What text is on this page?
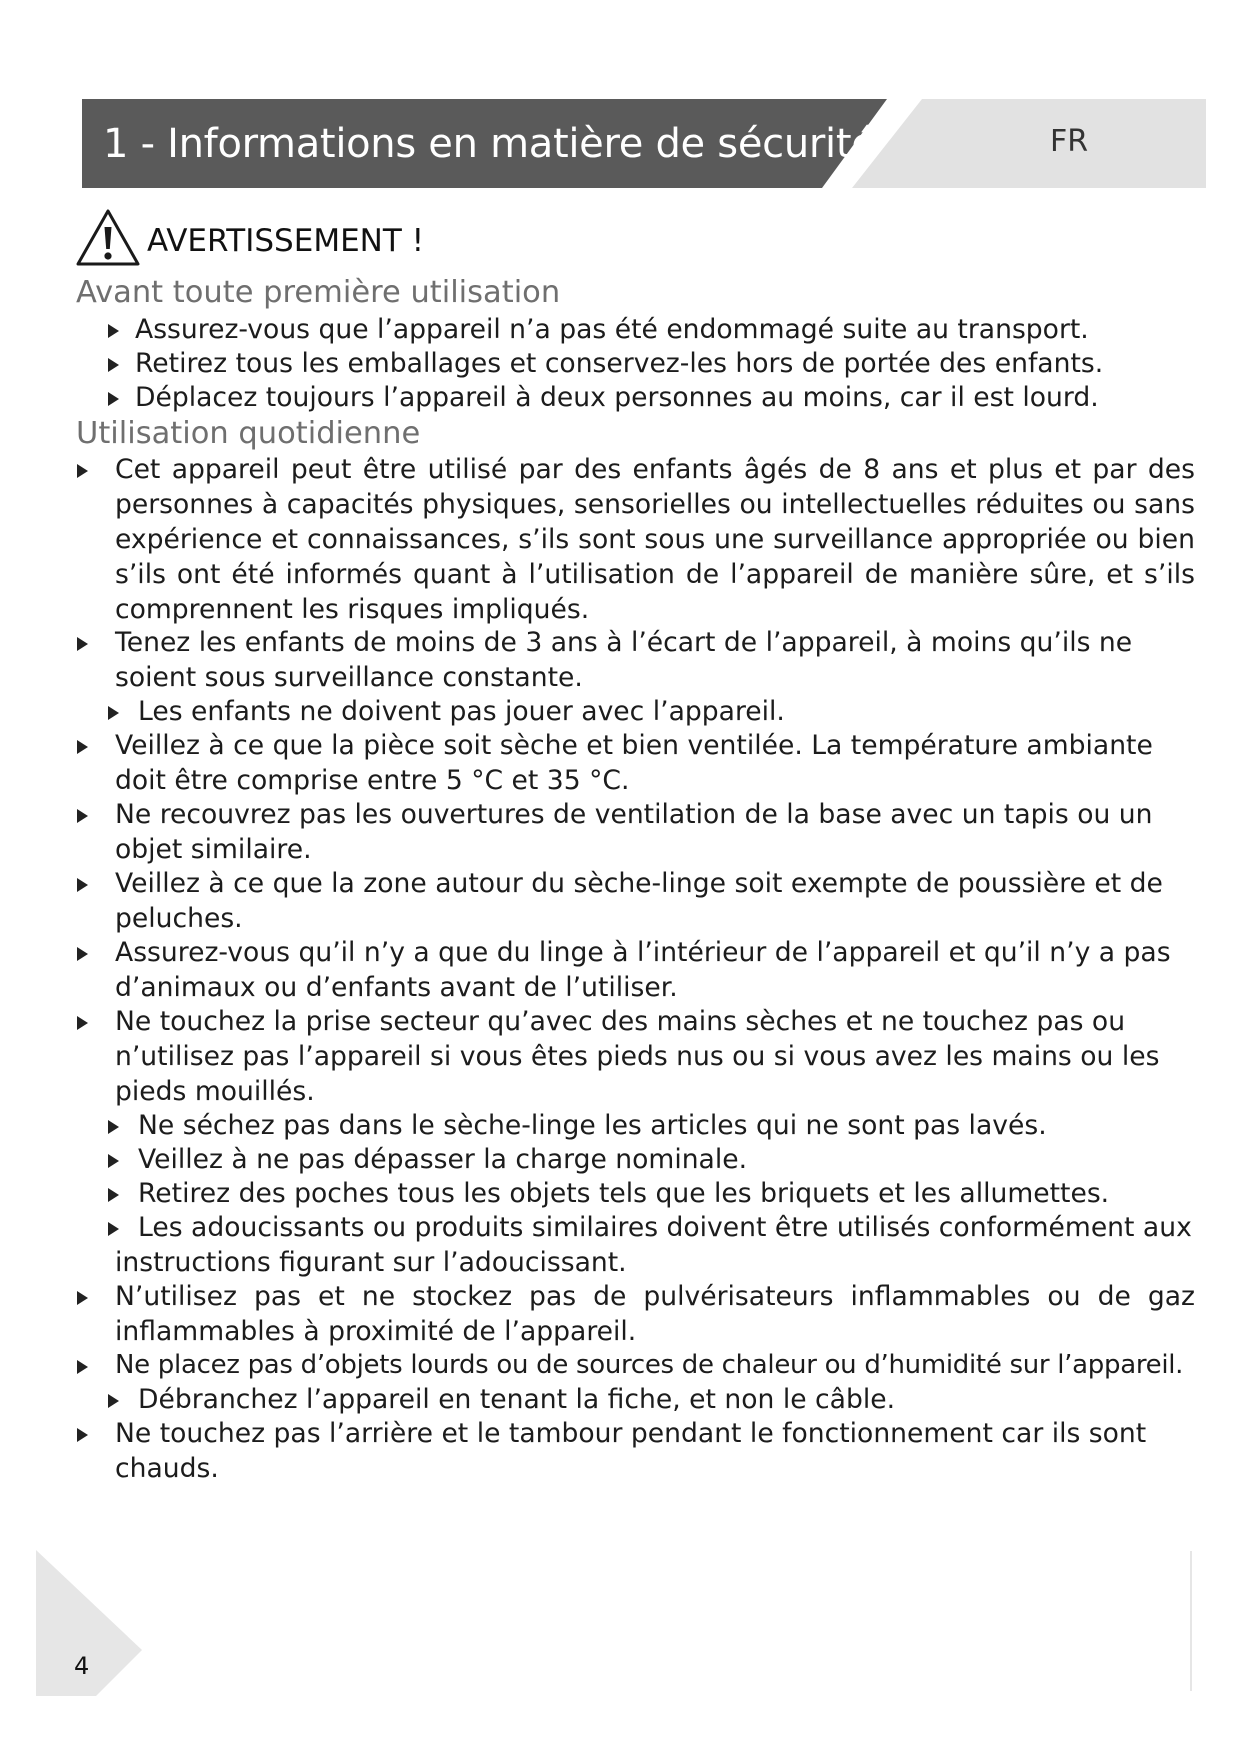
1 - Informations en matière de sécurité	FR
AVERTISSEMENT !
Avant toute première utilisation
Assurez-vous que l’appareil n’a pas été endommagé suite au transport.
Retirez tous les emballages et conservez-les hors de portée des enfants.
Déplacez toujours l’appareil à deux personnes au moins, car il est lourd.
Utilisation quotidienne
Cet appareil peut être utilisé par des enfants âgés de 8 ans et plus et par des personnes à capacités physiques, sensorielles ou intellectuelles réduites ou sans expérience et connaissances, s’ils sont sous une surveillance appropriée ou bien s’ils ont été informés quant à l’utilisation de l’appareil de manière sûre, et s’ils comprennent les risques impliqués.
Tenez les enfants de moins de 3 ans à l’écart de l’appareil, à moins qu’ils ne soient sous surveillance constante.
Les enfants ne doivent pas jouer avec l’appareil.
Veillez à ce que la pièce soit sèche et bien ventilée. La température ambiante doit être comprise entre 5 °C et 35 °C.
Ne recouvrez pas les ouvertures de ventilation de la base avec un tapis ou un objet similaire.
Veillez à ce que la zone autour du sèche-linge soit exempte de poussière et de peluches.
Assurez-vous qu’il n’y a que du linge à l’intérieur de l’appareil et qu’il n’y a pas d’animaux ou d’enfants avant de l’utiliser.
Ne touchez la prise secteur qu’avec des mains sèches et ne touchez pas ou n’utilisez pas l’appareil si vous êtes pieds nus ou si vous avez les mains ou les pieds mouillés.
Ne séchez pas dans le sèche-linge les articles qui ne sont pas lavés.
Veillez à ne pas dépasser la charge nominale.
Retirez des poches tous les objets tels que les briquets et les allumettes.
Les adoucissants ou produits similaires doivent être utilisés conformément aux instructions figurant sur l’adoucissant.
N’utilisez pas et ne stockez pas de pulvérisateurs inflammables ou de gaz inflammables à proximité de l’appareil.
Ne placez pas d’objets lourds ou de sources de chaleur ou d’humidité sur l’appareil.
Débranchez l’appareil en tenant la fiche, et non le câble.
Ne touchez pas l’arrière et le tambour pendant le fonctionnement car ils sont chauds.
4
